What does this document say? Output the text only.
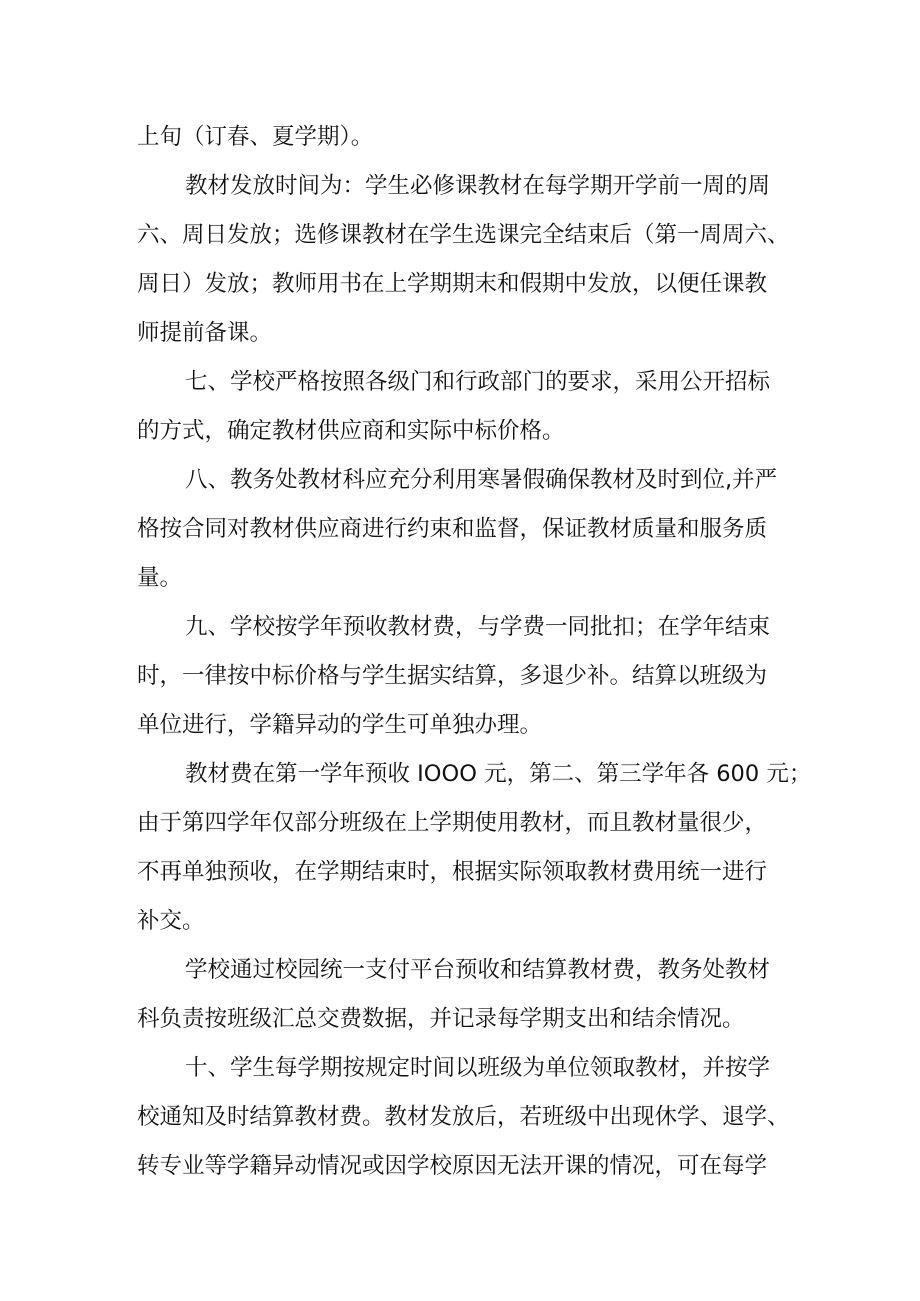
上旬（订春、夏学期）。
教材发放时间为：学生必修课教材在每学期开学前一周的周
六、周日发放；选修课教材在学生选课完全结束后（第一周周六、
周日）发放；教师用书在上学期期末和假期中发放，以便任课教
师提前备课。
七、学校严格按照各级门和行政部门的要求，采用公开招标
的方式，确定教材供应商和实际中标价格。
八、教务处教材科应充分利用寒暑假确保教材及时到位,并严
格按合同对教材供应商进行约束和监督，保证教材质量和服务质
量。
九、学校按学年预收教材费，与学费一同批扣；在学年结束
时，一律按中标价格与学生据实结算，多退少补。结算以班级为
单位进行，学籍异动的学生可单独办理。
教材费在第一学年预收 IOOO 元，第二、第三学年各 600 元；
由于第四学年仅部分班级在上学期使用教材，而且教材量很少，
不再单独预收，在学期结束时，根据实际领取教材费用统一进行
补交。
学校通过校园统一支付平台预收和结算教材费，教务处教材
科负责按班级汇总交费数据，并记录每学期支出和结余情况。
十、学生每学期按规定时间以班级为单位领取教材，并按学
校通知及时结算教材费。教材发放后，若班级中出现休学、退学、
转专业等学籍异动情况或因学校原因无法开课的情况，可在每学
